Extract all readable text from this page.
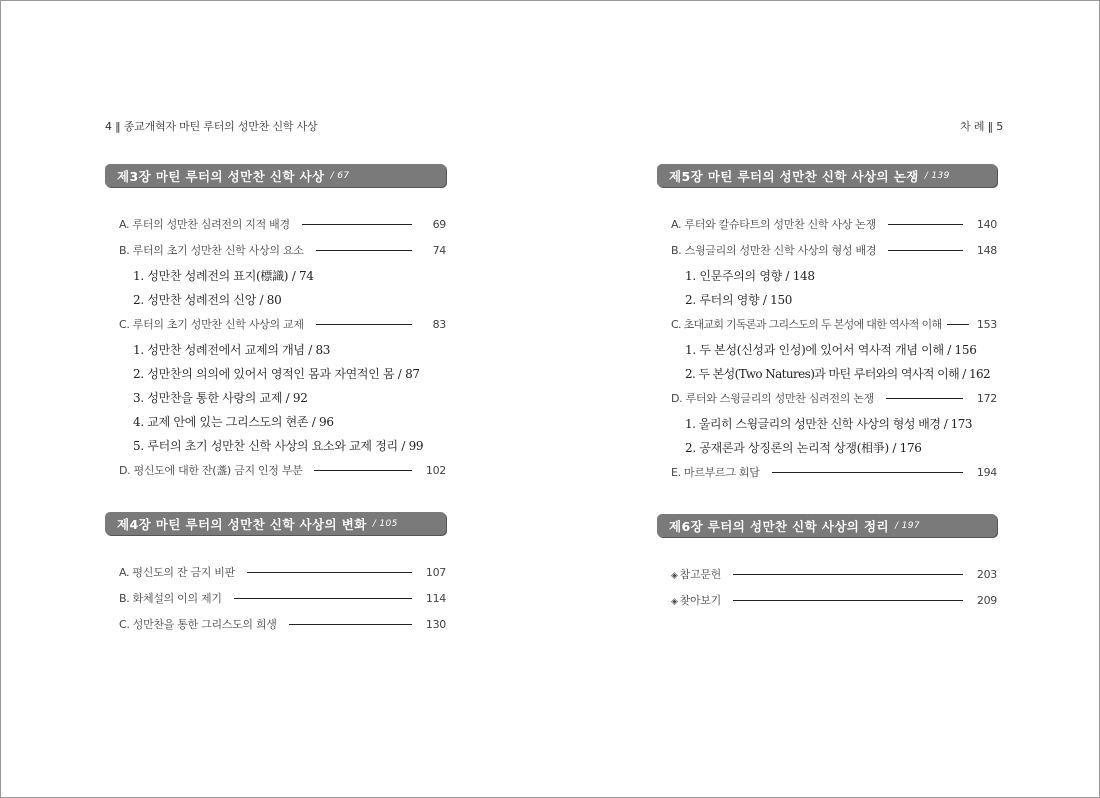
4 ‖ 종교개혁자 마틴 루터의 성만찬 신학 사상	차 례 ‖ 5
제3장 마틴 루터의 성만찬 신학 사상 / 67
A. 루터의 성만찬 심려전의 지적 배경	69
B. 루터의 초기 성만찬 신학 사상의 요소	74
1. 성만찬 성례전의 표지(標識) / 74
2. 성만찬 성례전의 신앙 / 80
C. 루터의 초기 성만찬 신학 사상의 교제	83
1. 성만찬 성례전에서 교제의 개념 / 83
2. 성만찬의 의의에 있어서 영적인 몸과 자연적인 몸 / 87
3. 성만찬을 통한 사랑의 교제 / 92
4. 교제 안에 있는 그리스도의 현존 / 96
5. 루터의 초기 성만찬 신학 사상의 요소와 교제 정리 / 99
D. 평신도에 대한 잔(盞) 금지 인정 부분	102
제4장 마틴 루터의 성만찬 신학 사상의 변화 / 105
A. 평신도의 잔 금지 비판	107
B. 화체설의 이의 제기	114
C. 성만찬을 통한 그리스도의 희생	130
제5장 마틴 루터의 성만찬 신학 사상의 논쟁 / 139
A. 루터와 칼슈타트의 성만찬 신학 사상 논쟁	140
B. 스윙글리의 성만찬 신학 사상의 형성 배경	148
1. 인문주의의 영향 / 148
2. 루터의 영향 / 150
C. 초대교회 기독론과 그리스도의 두 본성에 대한 역사적 이해	153
1. 두 본성(신성과 인성)에 있어서 역사적 개념 이해 / 156
2. 두 본성(Two Natures)과 마틴 루터와의 역사적 이해 / 162
D. 루터와 스윙글리의 성만찬 심려전의 논쟁	172
1. 울리히 스윙글리의 성만찬 신학 사상의 형성 배경 / 173
2. 공재론과 상징론의 논리적 상쟁(相爭) / 176
E. 마르부르그 회담	194
제6장 루터의 성만찬 신학 사상의 정리 / 197
◈ 참고문헌	203
◈ 찾아보기	209
